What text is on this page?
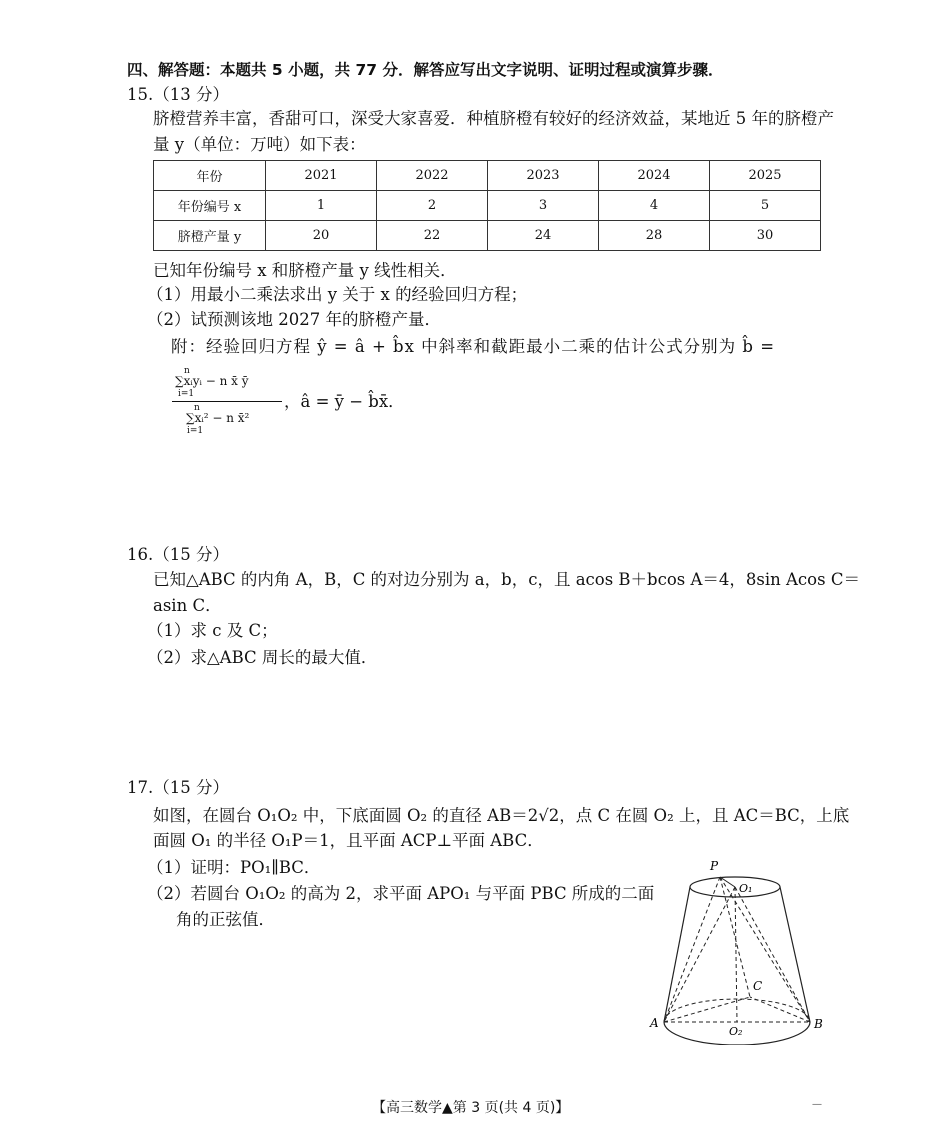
四、解答题：本题共 5 小题，共 77 分．解答应写出文字说明、证明过程或演算步骤．
15.（13 分）
脐橙营养丰富，香甜可口，深受大家喜爱．种植脐橙有较好的经济效益，某地近 5 年的脐橙产
量 y（单位：万吨）如下表：
年份	2021	2022	2023	2024	2025
年份编号 x	1	2	3	4	5
脐橙产量 y	20	22	24	28	30
已知年份编号 x 和脐橙产量 y 线性相关．
（1）用最小二乘法求出 y 关于 x 的经验回归方程；
（2）试预测该地 2027 年的脐橙产量．
附：经验回归方程 ŷ = â + b̂x 中斜率和截距最小二乘的估计公式分别为 b̂ =
n
∑xᵢyᵢ − n x̄ ȳ
i=1
n
∑xᵢ² − n x̄²
i=1
，â = ȳ − b̂x̄．
16.（15 分）
已知△ABC 的内角 A，B，C 的对边分别为 a，b，c，且 acos B＋bcos A＝4，8sin Acos C＝
asin C．
（1）求 c 及 C；
（2）求△ABC 周长的最大值．
17.（15 分）
如图，在圆台 O₁O₂ 中，下底面圆 O₂ 的直径 AB＝2√2，点 C 在圆 O₂ 上，且 AC＝BC，上底
面圆 O₁ 的半径 O₁P＝1，且平面 ACP⊥平面 ABC．
（1）证明：PO₁∥BC．
（2）若圆台 O₁O₂ 的高为 2，求平面 APO₁ 与平面 PBC 所成的二面
角的正弦值．
P
O₁
C
A	B
O₂
【高三数学▲第 3 页(共 4 页)】	—
